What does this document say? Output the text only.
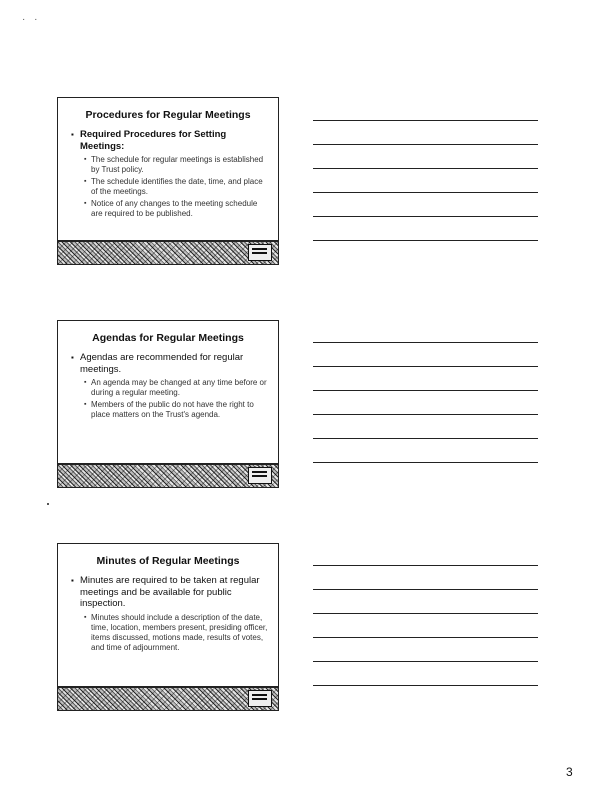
· ·
Procedures for Regular Meetings
▪ Required Procedures for Setting Meetings:
▪ The schedule for regular meetings is established by Trust policy.
▪ The schedule identifies the date, time, and place of the meetings.
▪ Notice of any changes to the meeting schedule are required to be published.
Agendas for Regular Meetings
▪ Agendas are recommended for regular meetings.
▪ An agenda may be changed at any time before or during a regular meeting.
▪ Members of the public do not have the right to place matters on the Trust's agenda.
Minutes of Regular Meetings
▪ Minutes are required to be taken at regular meetings and be available for public inspection.
▪ Minutes should include a description of the date, time, location, members present, presiding officer, items discussed, motions made, results of votes, and time of adjournment.
3
